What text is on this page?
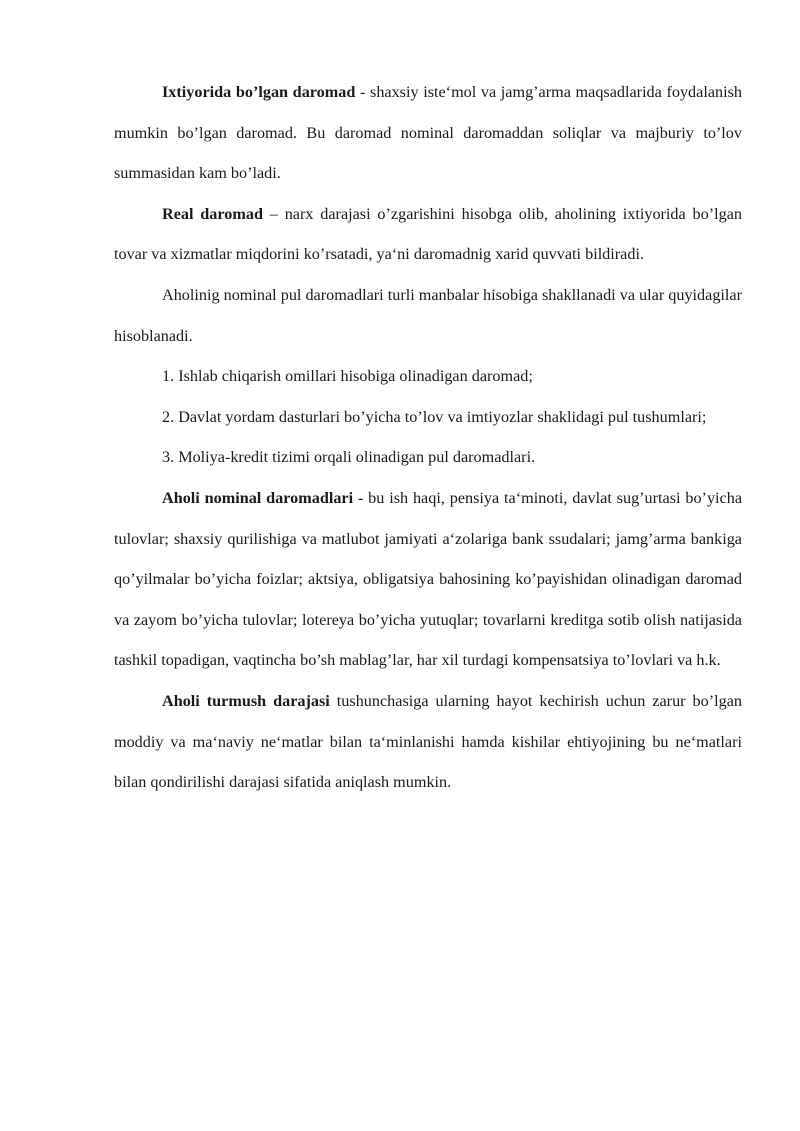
Ixtiyorida bo’lgan daromad - shaxsiy iste‘mol va jamg’arma maqsadlarida foydalanish mumkin bo’lgan daromad. Bu daromad nominal daromaddan soliqlar va majburiy to’lov summasidan kam bo’ladi.

Real daromad – narx darajasi o’zgarishini hisobga olib, aholining ixtiyorida bo’lgan tovar va xizmatlar miqdorini ko’rsatadi, ya‘ni daromadnig xarid quvvati bildiradi.

Aholinig nominal pul daromadlari turli manbalar hisobiga shakllanadi va ular quyidagilar hisoblanadi.

1. Ishlab chiqarish omillari hisobiga olinadigan daromad;

2. Davlat yordam dasturlari bo’yicha to’lov va imtiyozlar shaklidagi pul tushumlari;

3. Moliya-kredit tizimi orqali olinadigan pul daromadlari.

Aholi nominal daromadlari - bu ish haqi, pensiya ta‘minoti, davlat sug’urtasi bo’yicha tulovlar; shaxsiy qurilishiga va matlubot jamiyati a‘zolariga bank ssudalari; jamg’arma bankiga qo’yilmalar bo’yicha foizlar; aktsiya, obligatsiya bahosining ko’payishidan olinadigan daromad va zayom bo’yicha tulovlar; lotereya bo’yicha yutuqlar; tovarlarni kreditga sotib olish natijasida tashkil topadigan, vaqtincha bo’sh mablag’lar, har xil turdagi kompensatsiya to’lovlari va h.k.

Aholi turmush darajasi tushunchasiga ularning hayot kechirish uchun zarur bo’lgan moddiy va ma‘naviy ne‘matlar bilan ta‘minlanishi hamda kishilar ehtiyojining bu ne‘matlari bilan qondirilishi darajasi sifatida aniqlash mumkin.
